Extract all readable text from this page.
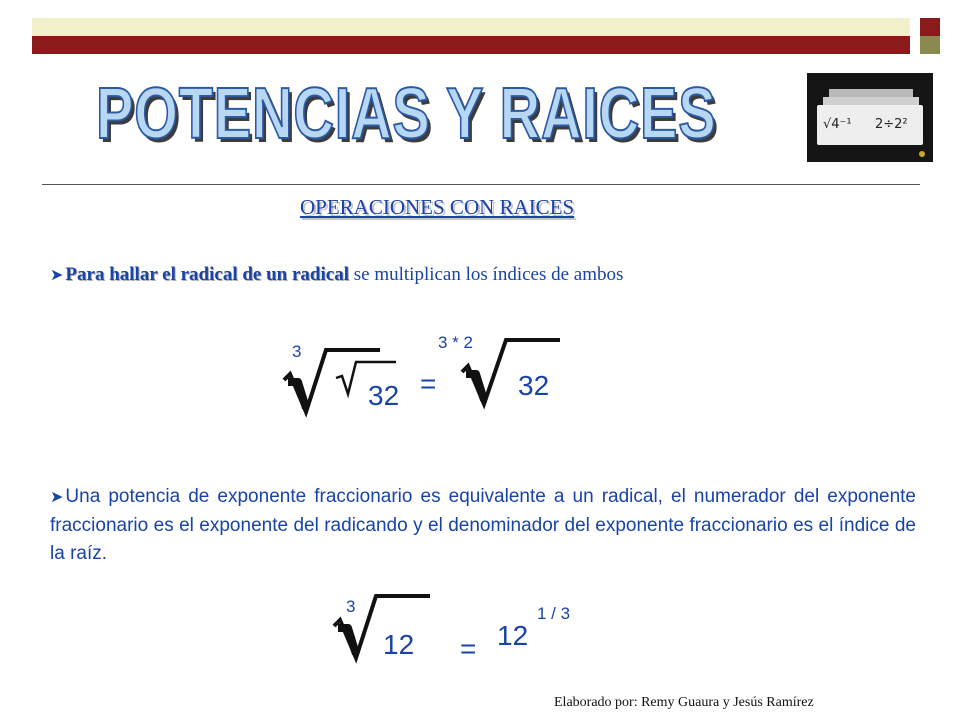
POTENCIAS Y RAICES	√4⁻¹ 2÷2²

OPERACIONES CON RAICES

➤ Para hallar el radical de un radical se multiplican los índices de ambos

3
32 =
3 * 2
32

➤ Una potencia de exponente fraccionario es equivalente a un radical, el numerador del exponente fraccionario es el exponente del radicando y el denominador del exponente fraccionario es el índice de la raíz.

3
12 = 12
1 / 3

Elaborado por: Remy Guaura y Jesús Ramírez
